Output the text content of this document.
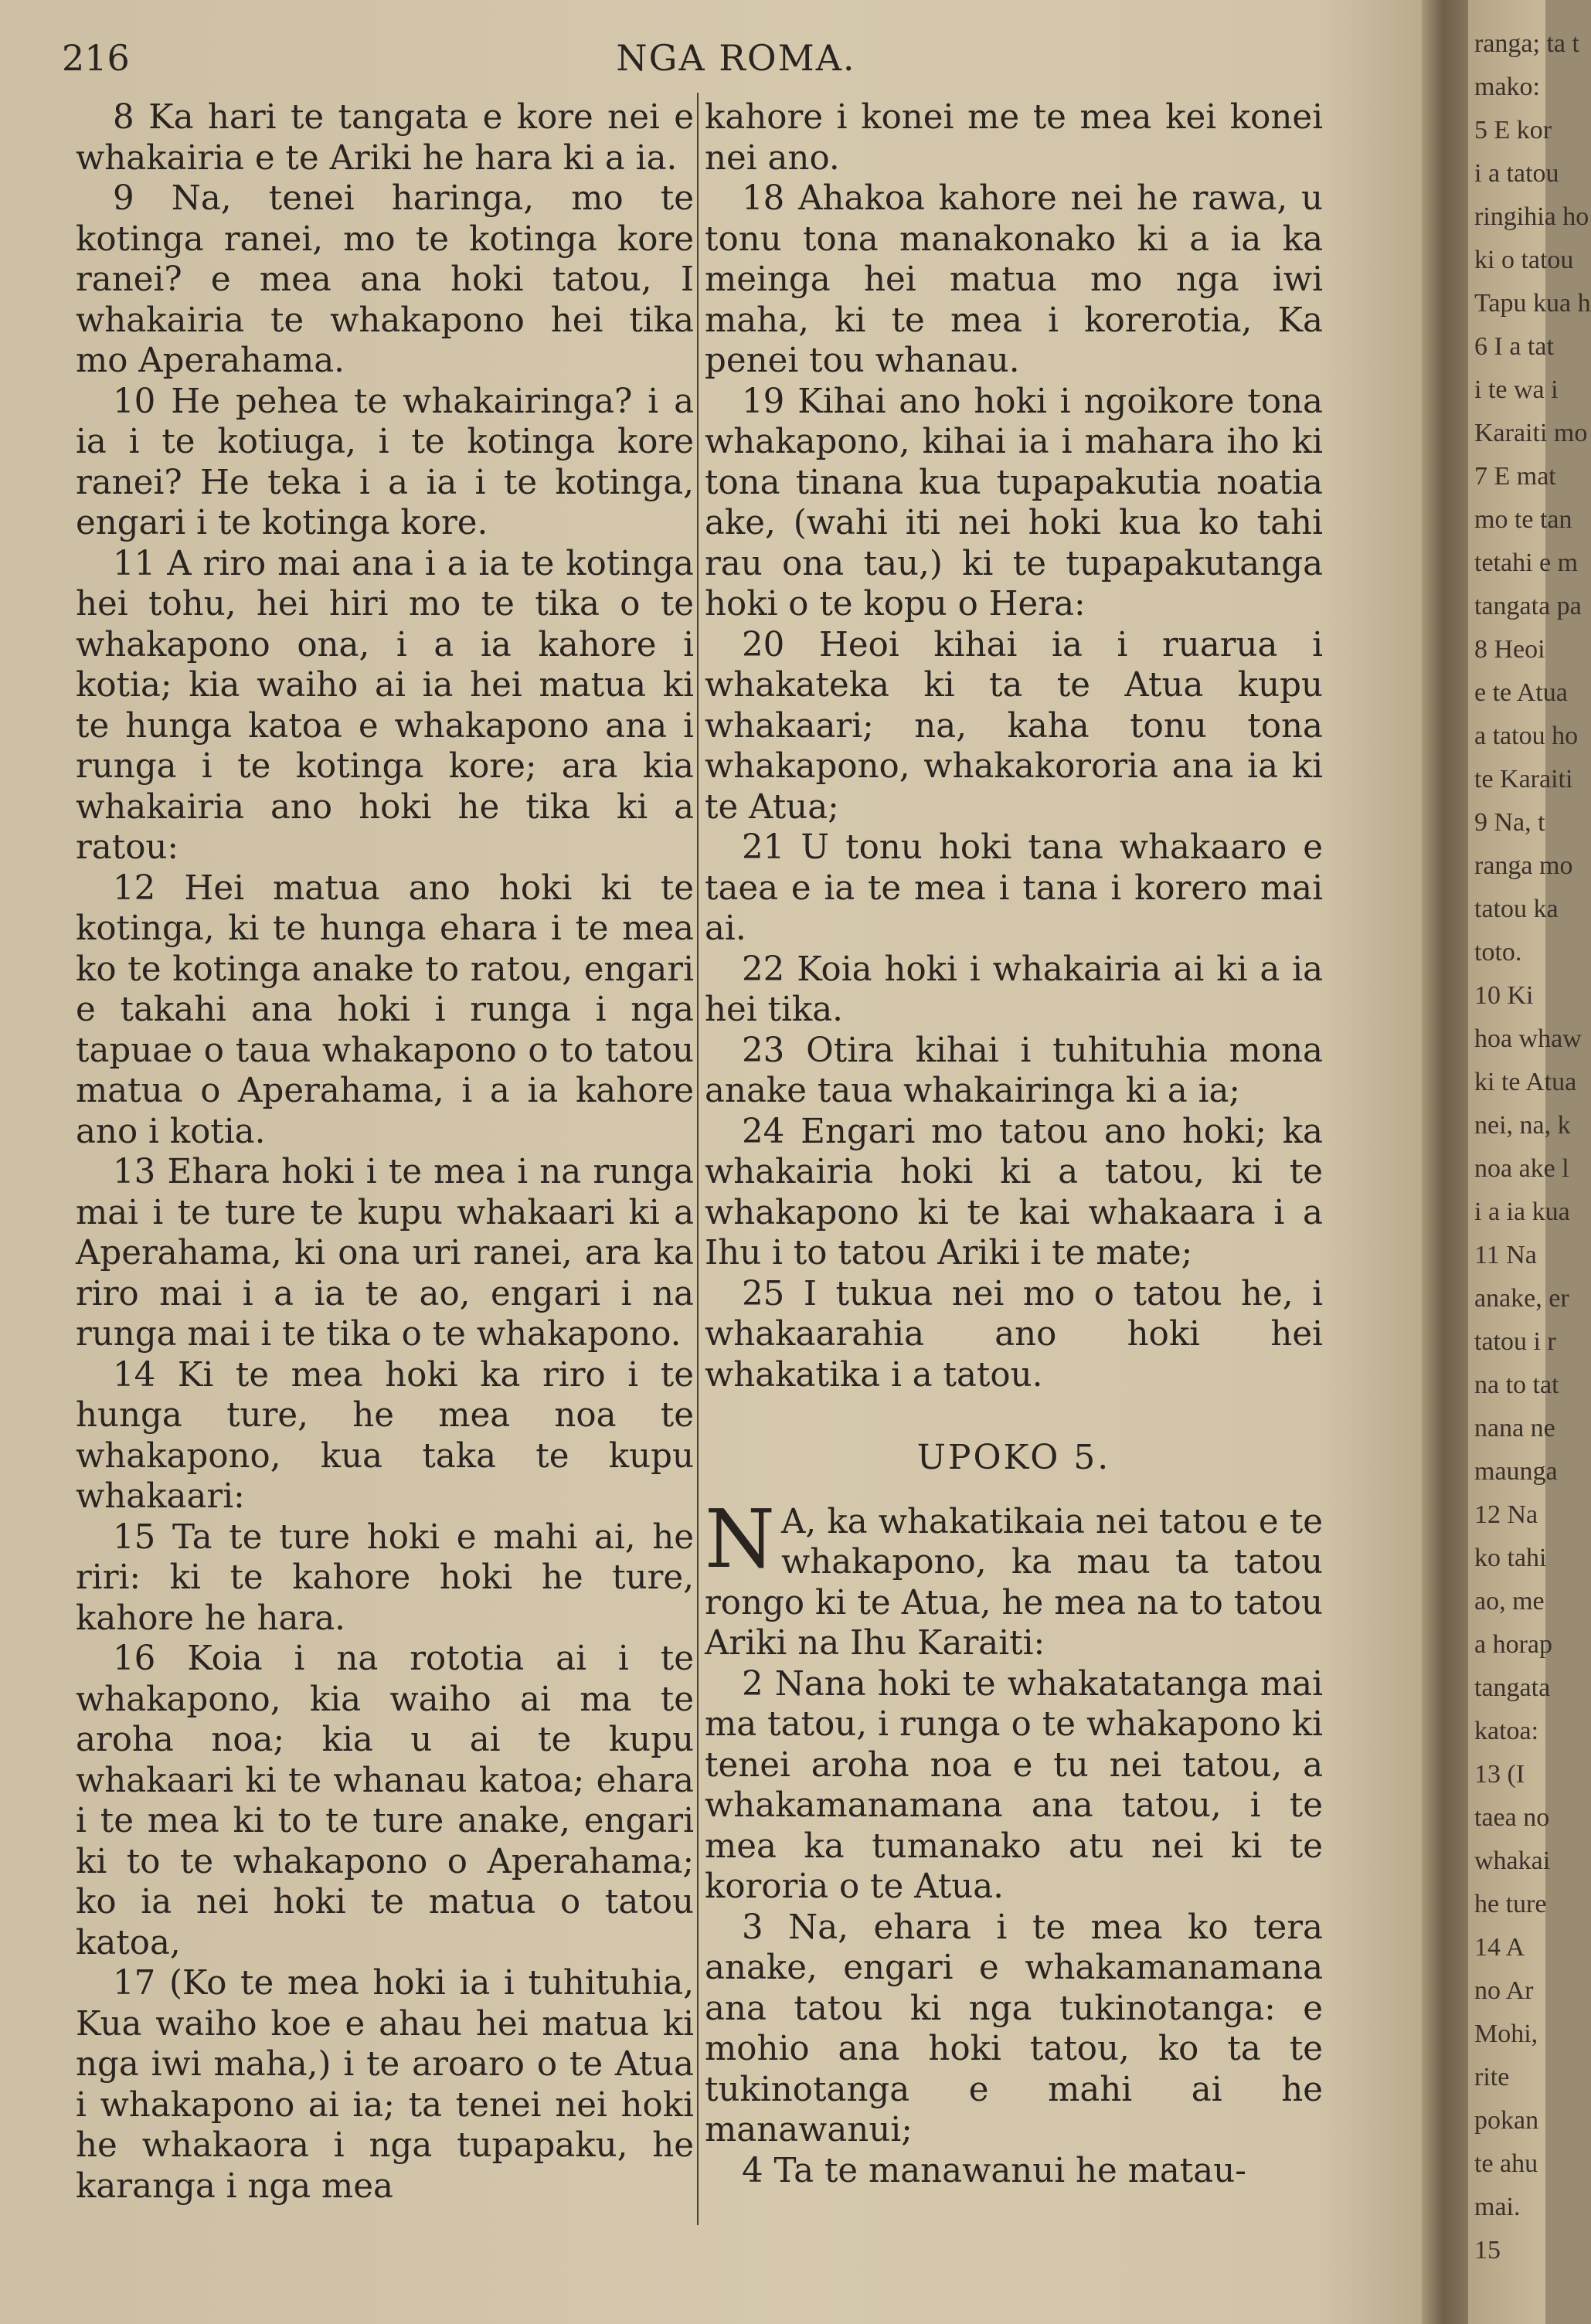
NGA ROMA.
216

8 Ka hari te tangata e kore nei e whakairia e te Ariki he hara ki a ia.

9 Na, tenei haringa, mo te kotinga ranei, mo te kotinga kore ranei? e mea ana hoki tatou, I whakairia te whakapono hei tika mo Aperahama.

10 He pehea te whakairinga? i a ia i te kotiuga, i te kotinga kore ranei? He teka i a ia i te kotinga, engari i te kotinga kore.

11 A riro mai ana i a ia te kotinga hei tohu, hei hiri mo te tika o te whakapono ona, i a ia kahore i kotia; kia waiho ai ia hei matua ki te hunga katoa e whakapono ana i runga i te kotinga kore; ara kia whakairia ano hoki he tika ki a ratou:

12 Hei matua ano hoki ki te kotinga, ki te hunga ehara i te mea ko te kotinga anake to ratou, engari e takahi ana hoki i runga i nga tapuae o taua whakapono o to tatou matua o Aperahama, i a ia kahore ano i kotia.

13 Ehara hoki i te mea i na runga mai i te ture te kupu whakaari ki a Aperahama, ki ona uri ranei, ara ka riro mai i a ia te ao, engari i na runga mai i te tika o te whakapono.

14 Ki te mea hoki ka riro i te hunga ture, he mea noa te whakapono, kua taka te kupu whakaari:

15 Ta te ture hoki e mahi ai, he riri: ki te kahore hoki he ture, kahore he hara.

16 Koia i na rototia ai i te whakapono, kia waiho ai ma te aroha noa; kia u ai te kupu whakaari ki te whanau katoa; ehara i te mea ki to te ture anake, engari ki to te whakapono o Aperahama; ko ia nei hoki te matua o tatou katoa,

17 (Ko te mea hoki ia i tuhituhia, Kua waiho koe e ahau hei matua ki nga iwi maha,) i te aroaro o te Atua i whakapono ai ia; ta tenei nei hoki he whakaora i nga tupapaku, he karanga i nga mea

kahore i konei me te mea kei konei nei ano.

18 Ahakoa kahore nei he rawa, u tonu tona manakonako ki a ia ka meinga hei matua mo nga iwi maha, ki te mea i korerotia, Ka penei tou whanau.

19 Kihai ano hoki i ngoikore tona whakapono, kihai ia i mahara iho ki tona tinana kua tupapakutia noatia ake, (wahi iti nei hoki kua ko tahi rau ona tau,) ki te tupapakutanga hoki o te kopu o Hera:

20 Heoi kihai ia i ruarua i whakateka ki ta te Atua kupu whakaari; na, kaha tonu tona whakapono, whakakororia ana ia ki te Atua;

21 U tonu hoki tana whakaaro e taea e ia te mea i tana i korero mai ai.

22 Koia hoki i whakairia ai ki a ia hei tika.

23 Otira kihai i tuhituhia mona anake taua whakairinga ki a ia;

24 Engari mo tatou ano hoki; ka whakairia hoki ki a tatou, ki te whakapono ki te kai whakaara i a Ihu i to tatou Ariki i te mate;

25 I tukua nei mo o tatou he, i whakaarahia ano hoki hei whakatika i a tatou.

UPOKO 5.

N A, ka whakatikaia nei tatou e te whakapono, ka mau ta tatou rongo ki te Atua, he mea na to tatou Ariki na Ihu Karaiti:

2 Nana hoki te whakatatanga mai ma tatou, i runga o te whakapono ki tenei aroha noa e tu nei tatou, a whakamanamana ana tatou, i te mea ka tumanako atu nei ki te kororia o te Atua.

3 Na, ehara i te mea ko tera anake, engari e whakamanamana ana tatou ki nga tukinotanga: e mohio ana hoki tatou, ko ta te tukinotanga e mahi ai he manawanui;

4 Ta te manawanui he matau-

ranga; ta t
mako:
5 E kor
i a tatou
ringihia ho
ki o tatou
Tapu kua h
6 I a tat
i te wa i
Karaiti mo
7 E mat
mo te tan
tetahi e m
tangata pa
8 Heoi
e te Atua
a tatou ho
te Karaiti
9 Na, t
ranga mo
tatou ka
toto.
10 Ki
hoa whaw
ki te Atua
nei, na, k
noa ake l
i a ia kua
11 Na
anake, er
tatou i r
na to tat
nana ne
maunga
12 Na
ko tahi
ao, me
a horap
tangata
katoa:
13 (I
taea no
whakai
he ture
14 A
no Ar
Mohi,
rite
pokan
te ahu
mai.
15
